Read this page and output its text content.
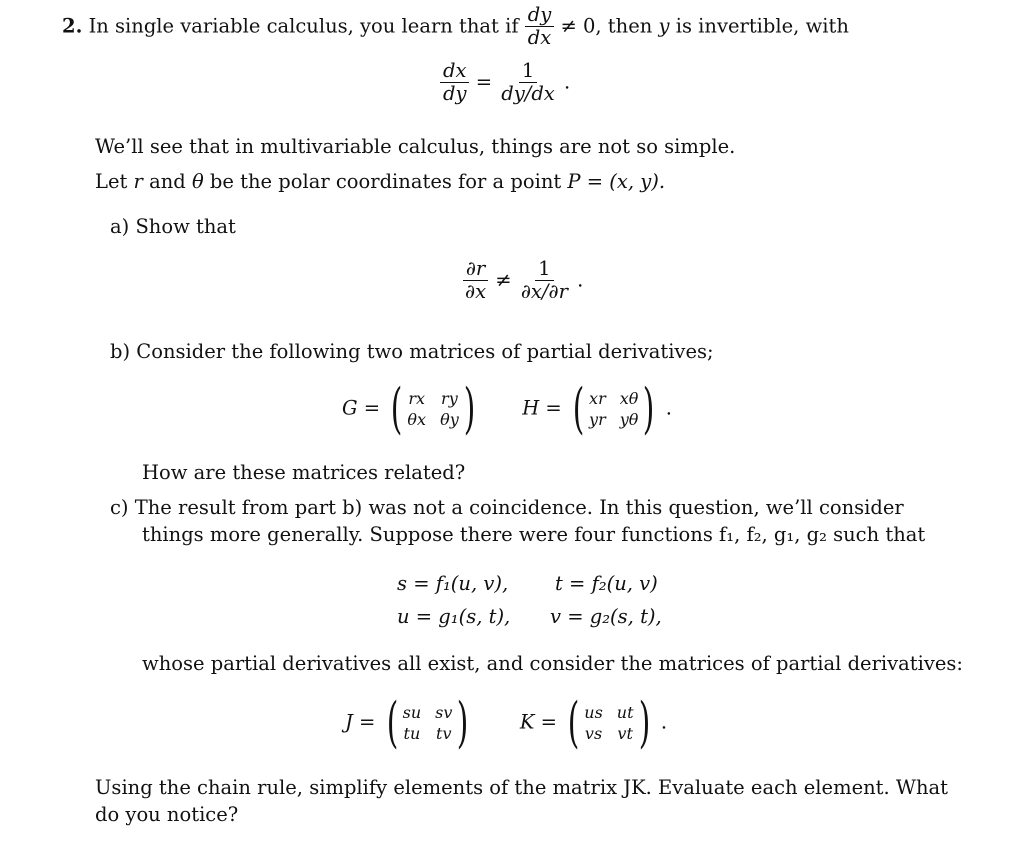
2. In single variable calculus, you learn that if $\frac{dy}{dx} \ne 0$, then y is invertible, with
$\frac{dx}{dy} = \frac{1}{dy/dx}$ .
We’ll see that in multivariable calculus, things are not so simple.
Let r and θ be the polar coordinates for a point P = (x, y).
a) Show that
$\frac{\partial r}{\partial x} \ne \frac{1}{\partial x/\partial r}$ .
b) Consider the following two matrices of partial derivatives;
G = ( rx ry
θx θy ) H = ( xr xθ
yr yθ ) .
How are these matrices related?
c) The result from part b) was not a coincidence. In this question, we’ll consider
things more generally. Suppose there were four functions f₁, f₂, g₁, g₂ such that
s = f₁(u, v), t = f₂(u, v)
u = g₁(s, t), v = g₂(s, t),
whose partial derivatives all exist, and consider the matrices of partial derivatives:
J = ( su sv
tu tv )	K = ( us ut
vs vt ) .
Using the chain rule, simplify elements of the matrix JK. Evaluate each element. What
do you notice?
